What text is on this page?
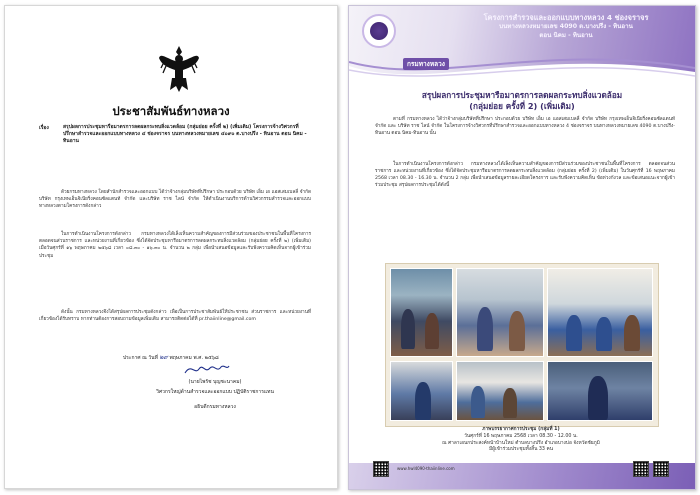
ประชาสัมพันธ์ทางหลวง
เรื่อง	สรุปผลการประชุมหารือมาตรการลดผลกระทบสิ่งแวดล้อม (กลุ่มย่อย ครั้งที่ ๒) (เพิ่มเติม) โครงการจ้างวิศวกรที่ปรึกษาสำรวจและออกแบบทางหลวง ๔ ช่องจราจร บนทางหลวงหมายเลข ๔๐๙๐ ต.บางปรีง - ทินอาน ตอน นิคม - ทินอาน
ด้วยกรมทางหลวง โดยสำนักสำรวจและออกแบบ ได้ว่าจ้างกลุ่มบริษัทที่ปรึกษา ประกอบด้วย บริษัท เอ็ม เอ แอสเสมเบลลี่ จำกัด บริษัท กรุงเทพเอ็นจิเนียริ่งคอนซัลแตนท์ จำกัด และบริษัท ราช ไลน์ จำกัด ให้ดำเนินงานบริการด้านวิศวกรรมสำรวจและออกแบบทางหลวงตามโครงการดังกล่าว
ในการดำเนินงานโครงการดังกล่าว กรมทางหลวงได้เล็งเห็นความสำคัญของการมีส่วนร่วมของประชาชนในพื้นที่โครงการ ตลอดจนส่วนราชการ และหน่วยงานที่เกี่ยวข้อง ซึ่งได้จัดประชุมหารือมาตรการลดผลกระทบสิ่งแวดล้อม (กลุ่มย่อย ครั้งที่ ๒) (เพิ่มเติม) เมื่อวันศุกร์ที่ ๑๖ พฤษภาคม ๒๕๖๘ เวลา ๐๘.๓๐ - ๑๖.๓๐ น. จำนวน ๒ กลุ่ม เพื่อนำเสนอข้อมูลและรับฟังความคิดเห็นจากผู้เข้าร่วมประชุม
ดังนั้น กรมทางหลวงจึงได้สรุปผลการประชุมดังกล่าว เพื่อเป็นการประชาสัมพันธ์ให้ประชาชน ส่วนราชการ และหน่วยงานที่เกี่ยวข้องได้รับทราบ หากท่านต้องการสอบถามข้อมูลเพิ่มเติม สามารถติดต่อได้ที่ pr.thaiinline@gmail.com
ประกาศ ณ วันที่ ๒๙ พฤษภาคม พ.ศ. ๒๕๖๘
(นายไพรัช บุญชะนาคม)
วิศวกรใหญ่ด้านสำรวจและออกแบบ ปฏิบัติราชการแทน
อธิบดีกรมทางหลวง
กรมทางหลวง
โครงการสำรวจและออกแบบทางหลวง 4 ช่องจราจร
บนทางหลวงหมายเลข 4090 ต.บางปรีง - ทินอาน
ตอน นิคม - ทินอาน
สรุปผลการประชุมหารือมาตรการลดผลกระทบสิ่งแวดล้อม
(กลุ่มย่อย ครั้งที่ 2) (เพิ่มเติม)
ตามที่ กรมทางหลวง ได้ว่าจ้างกลุ่มบริษัทที่ปรึกษา ประกอบด้วย บริษัท เอ็ม เอ แอสเสมเบลลี่ จำกัด บริษัท กรุงเทพเอ็นจิเนียริ่งคอนซัลแตนท์ จำกัด และ บริษัท ราช ไลน์ จำกัด ในโครงการจ้างวิศวกรที่ปรึกษาสำรวจและออกแบบทางหลวง 4 ช่องจราจร บนทางหลวงหมายเลข 4090 ต.บางปรีง-ทินอาน ตอน นิคม-ทินอาน นั้น
ในการดำเนินงานโครงการดังกล่าว กรมทางหลวงได้เล็งเห็นความสำคัญของการมีส่วนร่วมของประชาชนในพื้นที่โครงการ ตลอดจนส่วนราชการ และหน่วยงานที่เกี่ยวข้อง ซึ่งได้จัดประชุมหารือมาตรการลดผลกระทบสิ่งแวดล้อม (กลุ่มย่อย ครั้งที่ 2) (เพิ่มเติม) ในวันศุกร์ที่ 16 พฤษภาคม 2568 เวลา 08.30 - 16.30 น. จำนวน 2 กลุ่ม เพื่อนำเสนอข้อมูลรายละเอียดโครงการ และรับฟังความคิดเห็น ข้อห่วงกังวล และข้อเสนอแนะจากผู้เข้าร่วมประชุม สรุปผลการประชุมได้ดังนี้
ภาพบรรยากาศการประชุม (กลุ่มที่ 1)
วันศุกร์ที่ 16 พฤษภาคม 2568 เวลา 08.30 - 12.00 น.
ณ ศาลาเอนกประสงค์หน้าบ้านใหม่ ตำบลบางปรีง อำเภอบางบ่อ จังหวัดชัยภูมิ
มีผู้เข้าร่วมประชุมทั้งสิ้น 33 คน
www.hwl4090-thaiinline.com
